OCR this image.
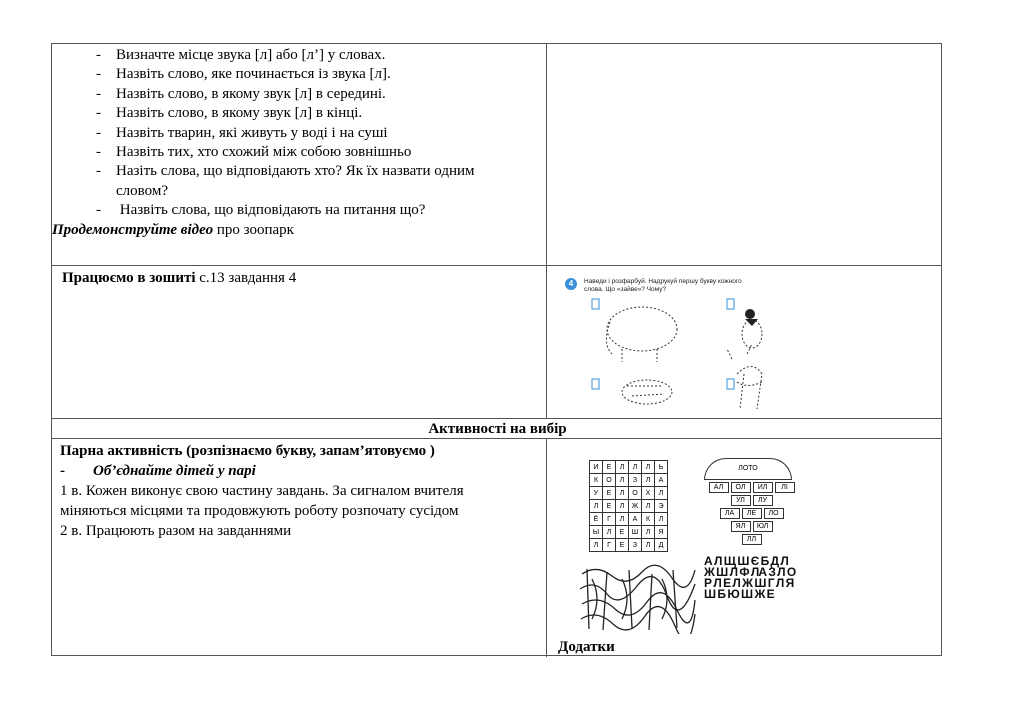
- Визначте місце звука [л] або [л’] у словах.
- Назвіть слово, яке починається із звука [л].
- Назвіть слово, в якому звук [л] в середині.
- Назвіть слово, в якому звук [л] в кінці.
- Назвіть тварин, які живуть у воді і на суші
- Назвіть тих, хто схожий між собою зовнішньо
- Назіть слова, що відповідають хто? Як їх назвати одним
словом?
- Назвіть слова, що відповідають на питання що?
Продемонструйте відео про зоопарк
Працюємо в зошиті с.13 завдання 4	4	Наведи і розфарбуй. Надрукуй першу букву кожного
слова. Що «зайве»? Чому?
Активності на вибір
Парна активність (розпізнаємо букву, запам’ятовуємо )
- Об’єднайте дітей у парі
1 в. Кожен виконує свою частину завдань. За сигналом вчителя
міняються місцями та продовжують роботу розпочату сусідом
2 в. Працюють разом на завданнями
И	Е	Л	Л	Л	Ь
К	О	Л	З	Л	А
У	Е	Л	О	Х	Л
Л	Е	Л	Ж	Л	Э
Ё	Г	Л	А	К	Л
Ы	Л	Е	Ш	Л	Я
Л	Г	Е	З	Л	Д
ЛОТО
АЛ	ОЛ	ИЛ	ЛІ
УЛ	ЛУ
ЛА	ЛЕ	ЛО
ЯЛ	ЮЛ
ЛЛ
А Л Щ Ш Є Б Д ЛЖ Ш Л Ф ЛА З Л О Р Л Е Л Ж Ш Г Л Я Ш Б Ю Ш Ж Е
Додатки
